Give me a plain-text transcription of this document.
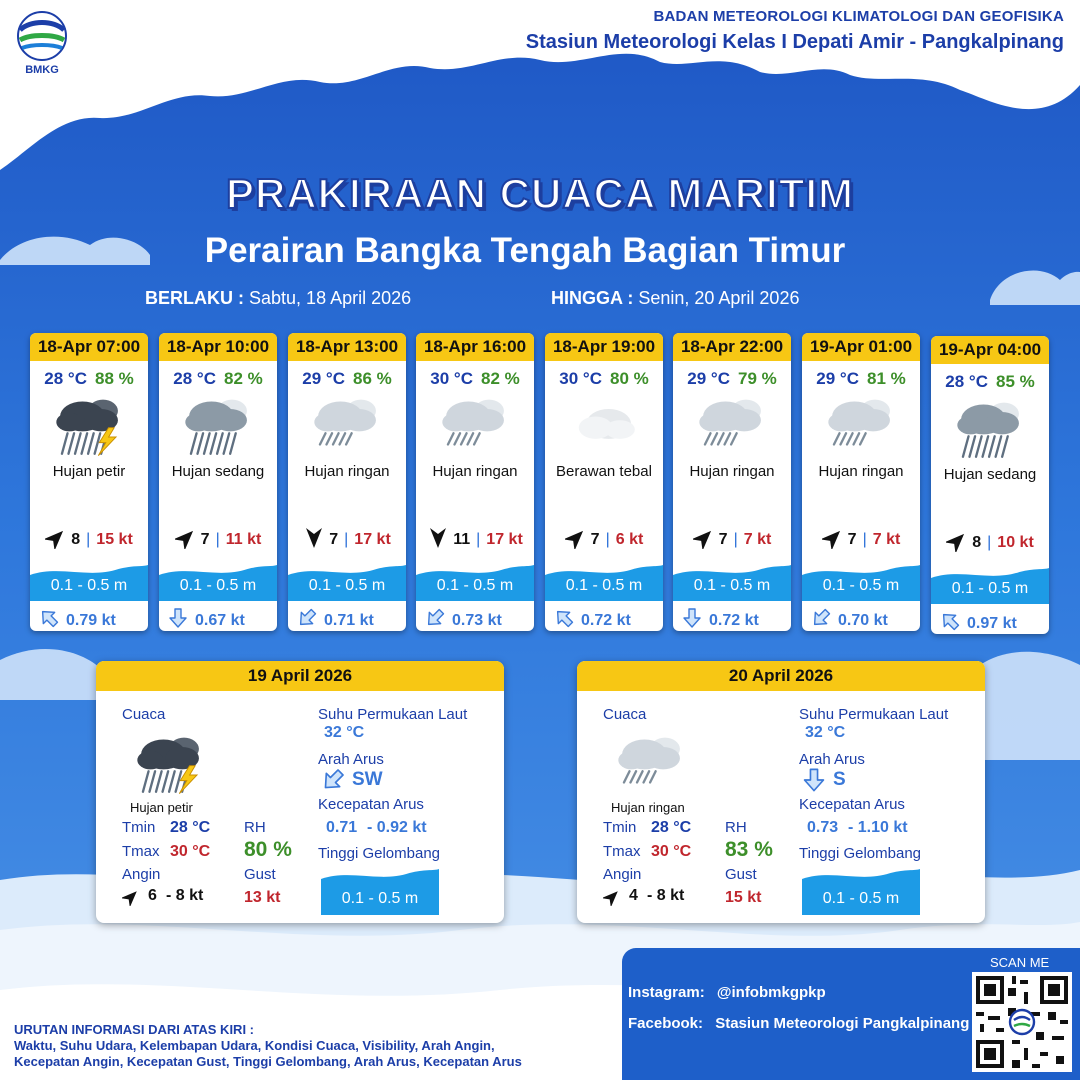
BMKG
BADAN METEOROLOGI KLIMATOLOGI DAN GEOFISIKA
Stasiun Meteorologi Kelas I Depati Amir - Pangkalpinang
PRAKIRAAN CUACA MARITIM
Perairan Bangka Tengah Bagian Timur
BERLAKU : Sabtu, 18 April 2026	HINGGA : Senin, 20 April 2026
18-Apr 07:00
28 °C 88 %
Hujan petir
8 | 15 kt
0.1 - 0.5 m
0.79 kt
18-Apr 10:00
28 °C 82 %
Hujan sedang
7 | 11 kt
0.1 - 0.5 m
0.67 kt
18-Apr 13:00
29 °C 86 %
Hujan ringan
7 | 17 kt
0.1 - 0.5 m
0.71 kt
18-Apr 16:00
30 °C 82 %
Hujan ringan
11 | 17 kt
0.1 - 0.5 m
0.73 kt
18-Apr 19:00
30 °C 80 %
Berawan tebal
7 | 6 kt
0.1 - 0.5 m
0.72 kt
18-Apr 22:00
29 °C 79 %
Hujan ringan
7 | 7 kt
0.1 - 0.5 m
0.72 kt
19-Apr 01:00
29 °C 81 %
Hujan ringan
7 | 7 kt
0.1 - 0.5 m
0.70 kt
19-Apr 04:00
28 °C 85 %
Hujan sedang
8 | 10 kt
0.1 - 0.5 m
0.97 kt
19 April 2026
Cuaca
Hujan petir
Tmin 28 °C
Tmax 30 °C
Angin
6 - 8 kt
RH
80 %
Gust
13 kt
Suhu Permukaan Laut
32 °C
Arah Arus
SW
Kecepatan Arus
0.71 - 0.92 kt
Tinggi Gelombang
0.1 - 0.5 m
20 April 2026
Cuaca
Hujan ringan
Tmin 28 °C
Tmax 30 °C
Angin
4 - 8 kt
RH
83 %
Gust
15 kt
Suhu Permukaan Laut
32 °C
Arah Arus
S
Kecepatan Arus
0.73 - 1.10 kt
Tinggi Gelombang
0.1 - 0.5 m
Instagram: @infobmkgpkp
Facebook: Stasiun Meteorologi Pangkalpinang
SCAN ME
URUTAN INFORMASI DARI ATAS KIRI :
Waktu, Suhu Udara, Kelembapan Udara, Kondisi Cuaca, Visibility, Arah Angin,
Kecepatan Angin, Kecepatan Gust, Tinggi Gelombang, Arah Arus, Kecepatan Arus
